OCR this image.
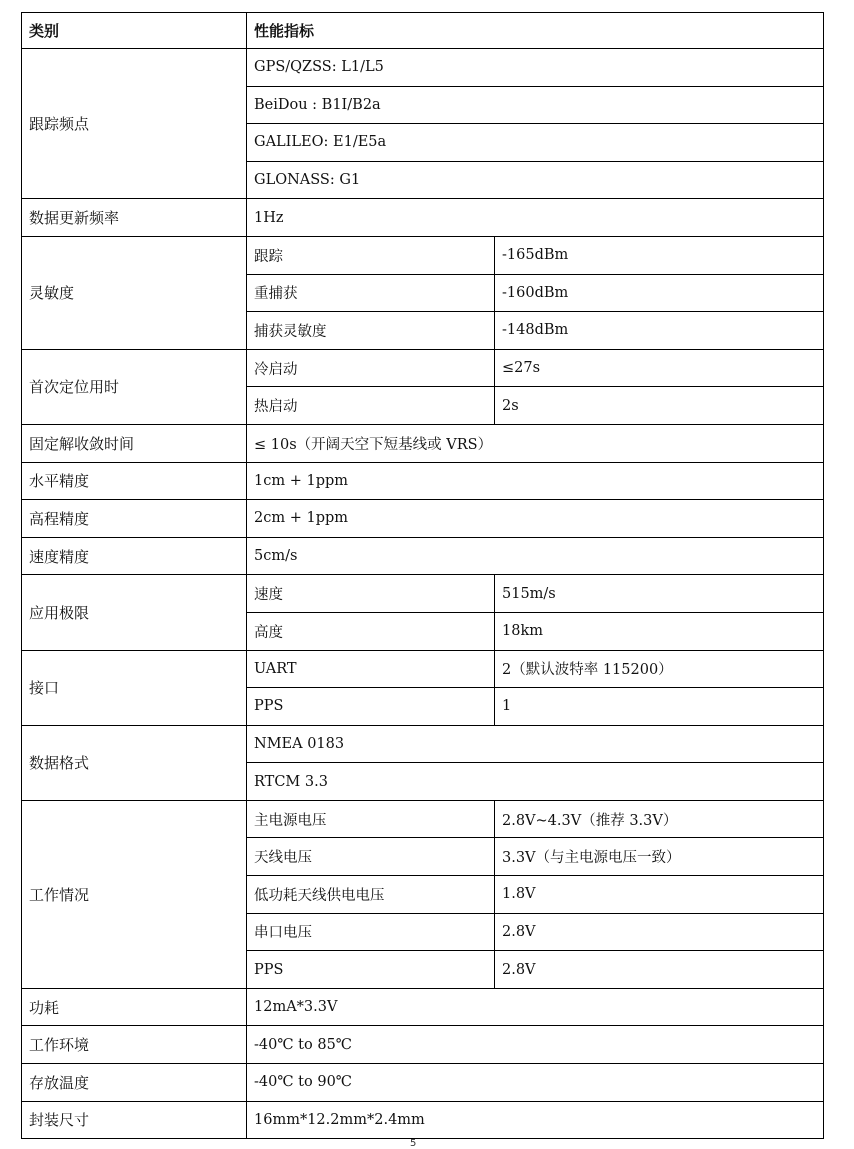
类别	性能指标	
跟踪频点	GPS/QZSS: L1/L5	
	BeiDou : B1I/B2a	
	GALILEO: E1/E5a	
	GLONASS: G1	
数据更新频率	1Hz	
灵敏度	跟踪	-165dBm
	重捕获	-160dBm
	捕获灵敏度	-148dBm
首次定位用时	冷启动	≤27s
	热启动	2s
固定解收敛时间	≤ 10s（开阔天空下短基线或 VRS）	
水平精度	1cm + 1ppm	
高程精度	2cm + 1ppm	
速度精度	5cm/s	
应用极限	速度	515m/s
	高度	18km
接口	UART	2（默认波特率 115200）
	PPS	1
数据格式	NMEA 0183	
	RTCM 3.3	
工作情况	主电源电压	2.8V~4.3V（推荐 3.3V）
	天线电压	3.3V（与主电源电压一致）
	低功耗天线供电电压	1.8V
	串口电压	2.8V
	PPS	2.8V
功耗	12mA*3.3V	
工作环境	-40℃ to 85℃	
存放温度	-40℃ to 90℃	
封装尺寸	16mm*12.2mm*2.4mm	
5
